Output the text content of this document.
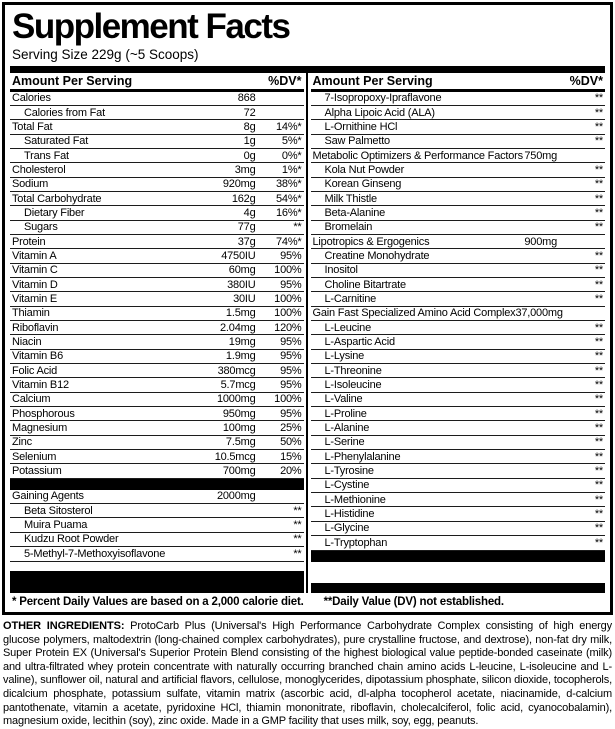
Supplement Facts
Serving Size 229g (~5 Scoops)
Amount Per Serving	%DV*
Calories	868
Calories from Fat	72
Total Fat	8g	14%*
Saturated Fat	1g	5%*
Trans Fat	0g	0%*
Cholesterol	3mg	1%*
Sodium	920mg	38%*
Total Carbohydrate	162g	54%*
Dietary Fiber	4g	16%*
Sugars	77g	**
Protein	37g	74%*
Vitamin A	4750IU	95%
Vitamin C	60mg	100%
Vitamin D	380IU	95%
Vitamin E	30IU	100%
Thiamin	1.5mg	100%
Riboflavin	2.04mg	120%
Niacin	19mg	95%
Vitamin B6	1.9mg	95%
Folic Acid	380mcg	95%
Vitamin B12	5.7mcg	95%
Calcium	1000mg	100%
Phosphorous	950mg	95%
Magnesium	100mg	25%
Zinc	7.5mg	50%
Selenium	10.5mcg	15%
Potassium	700mg	20%
Gaining Agents	2000mg
Beta Sitosterol	**
Muira Puama	**
Kudzu Root Powder	**
5-Methyl-7-Methoxyisoflavone	**
Amount Per Serving	%DV*
7-Isopropoxy-Ipraflavone	**
Alpha Lipoic Acid (ALA)	**
L-Ornithine HCl	**
Saw Palmetto	**
Metabolic Optimizers & Performance Factors 750mg
Kola Nut Powder	**
Korean Ginseng	**
Milk Thistle	**
Beta-Alanine	**
Bromelain	**
Lipotropics & Ergogenics	900mg
Creatine Monohydrate	**
Inositol	**
Choline Bitartrate	**
L-Carnitine	**
Gain Fast Specialized Amino Acid Complex 37,000mg
L-Leucine	**
L-Aspartic Acid	**
L-Lysine	**
L-Threonine	**
L-Isoleucine	**
L-Valine	**
L-Proline	**
L-Alanine	**
L-Serine	**
L-Phenylalanine	**
L-Tyrosine	**
L-Cystine	**
L-Methionine	**
L-Histidine	**
L-Glycine	**
L-Tryptophan	**
* Percent Daily Values are based on a 2,000 calorie diet. **Daily Value (DV) not established.

OTHER INGREDIENTS: ProtoCarb Plus (Universal's High Performance Carbohydrate Complex consisting of high energy glucose polymers, maltodextrin (long-chained complex carbohydrates), pure crystalline fructose, and dextrose), non-fat dry milk, Super Protein EX (Universal's Superior Protein Blend consisting of the highest biological value peptide-bonded caseinate (milk) and ultra-filtrated whey protein concentrate with naturally occurring branched chain amino acids L-leucine, L-isoleucine and L-valine), sunflower oil, natural and artificial flavors, cellulose, monoglycerides, dipotassium phosphate, silicon dioxide, tocopherols, dicalcium phosphate, potassium sulfate, vitamin matrix (ascorbic acid, dl-alpha tocopherol acetate, niacinamide, d-calcium pantothenate, vitamin a acetate, pyridoxine HCl, thiamin mononitrate, riboflavin, cholecalciferol, folic acid, cyanocobalamin), magnesium oxide, lecithin (soy), zinc oxide. Made in a GMP facility that uses milk, soy, egg, peanuts.
